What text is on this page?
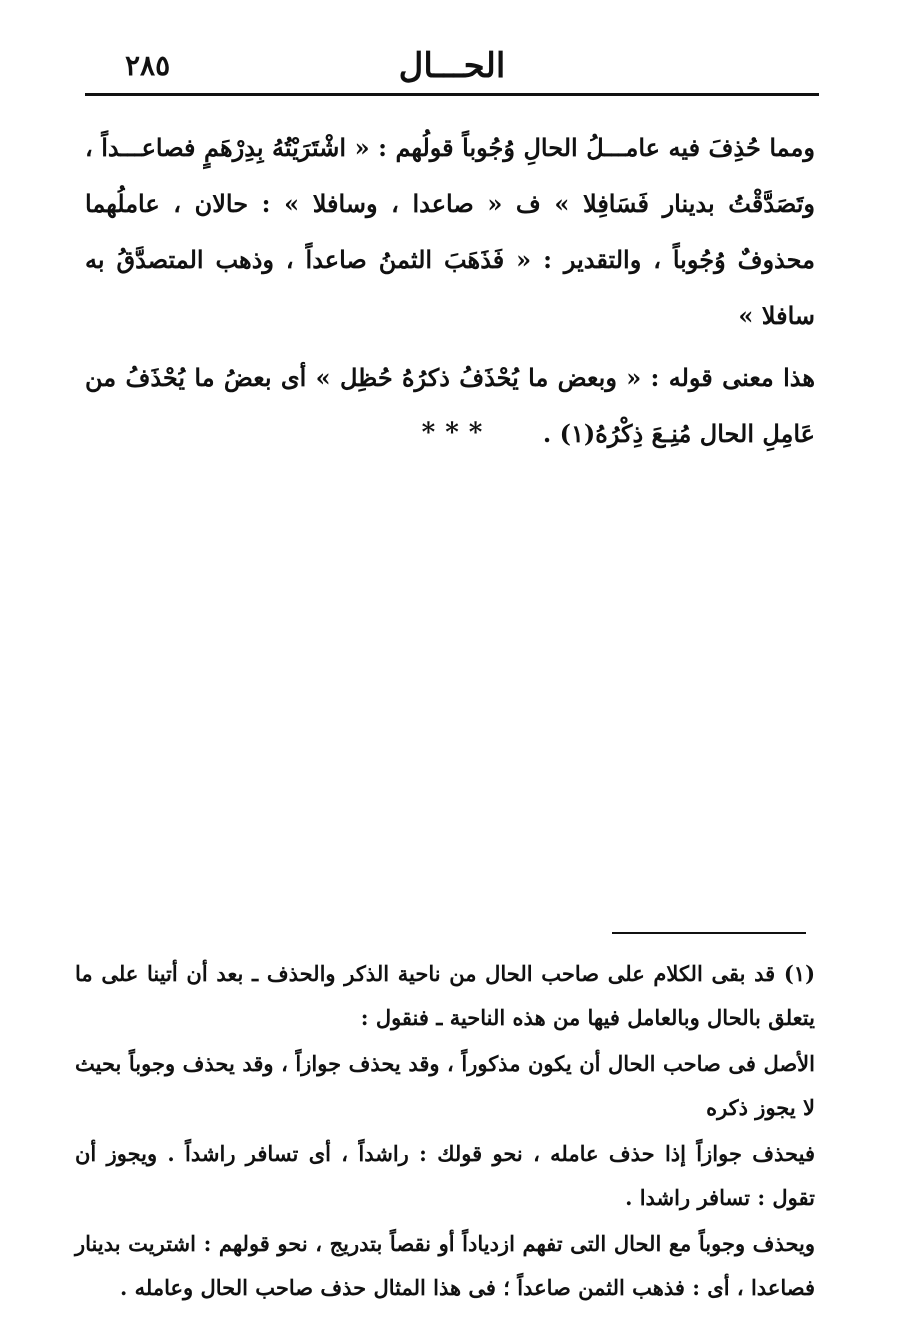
الحـــال
٢٨٥

ومما حُذِفَ فيه عامـــلُ الحالِ وُجُوباً قولُهم : « اشْتَرَيْتُهُ بِدِرْهَمٍ فصاعـــداً ، وتَصَدَّقْتُ بدينار فَسَافِلا » ف « صاعدا ، وسافلا » : حالان ، عاملُهما محذوفٌ وُجُوباً ، والتقدير : « فَذَهَبَ الثمنُ صاعداً ، وذهب المتصدَّقُ به سافلا »

هذا معنى قوله : « وبعض ما يُحْذَفُ ذكرُهُ حُظِل » أى بعضُ ما يُحْذَفُ من عَامِلِ الحال مُنِـعَ ذِكْرُهُ(١) .

***

(١) قد بقى الكلام على صاحب الحال من ناحية الذكر والحذف ـ بعد أن أتينا على ما يتعلق بالحال وبالعامل فيها من هذه الناحية ـ فنقول :

الأصل فى صاحب الحال أن يكون مذكوراً ، وقد يحذف جوازاً ، وقد يحذف وجوباً بحيث لا يجوز ذكره

فيحذف جوازاً إذا حذف عامله ، نحو قولك : راشداً ، أى تسافر راشداً . ويجوز أن تقول : تسافر راشدا .

ويحذف وجوباً مع الحال التى تفهم ازدياداً أو نقصاً بتدريج ، نحو قولهم : اشتريت بدينار فصاعدا ، أى : فذهب الثمن صاعداً ؛ فى هذا المثال حذف صاحب الحال وعامله .
